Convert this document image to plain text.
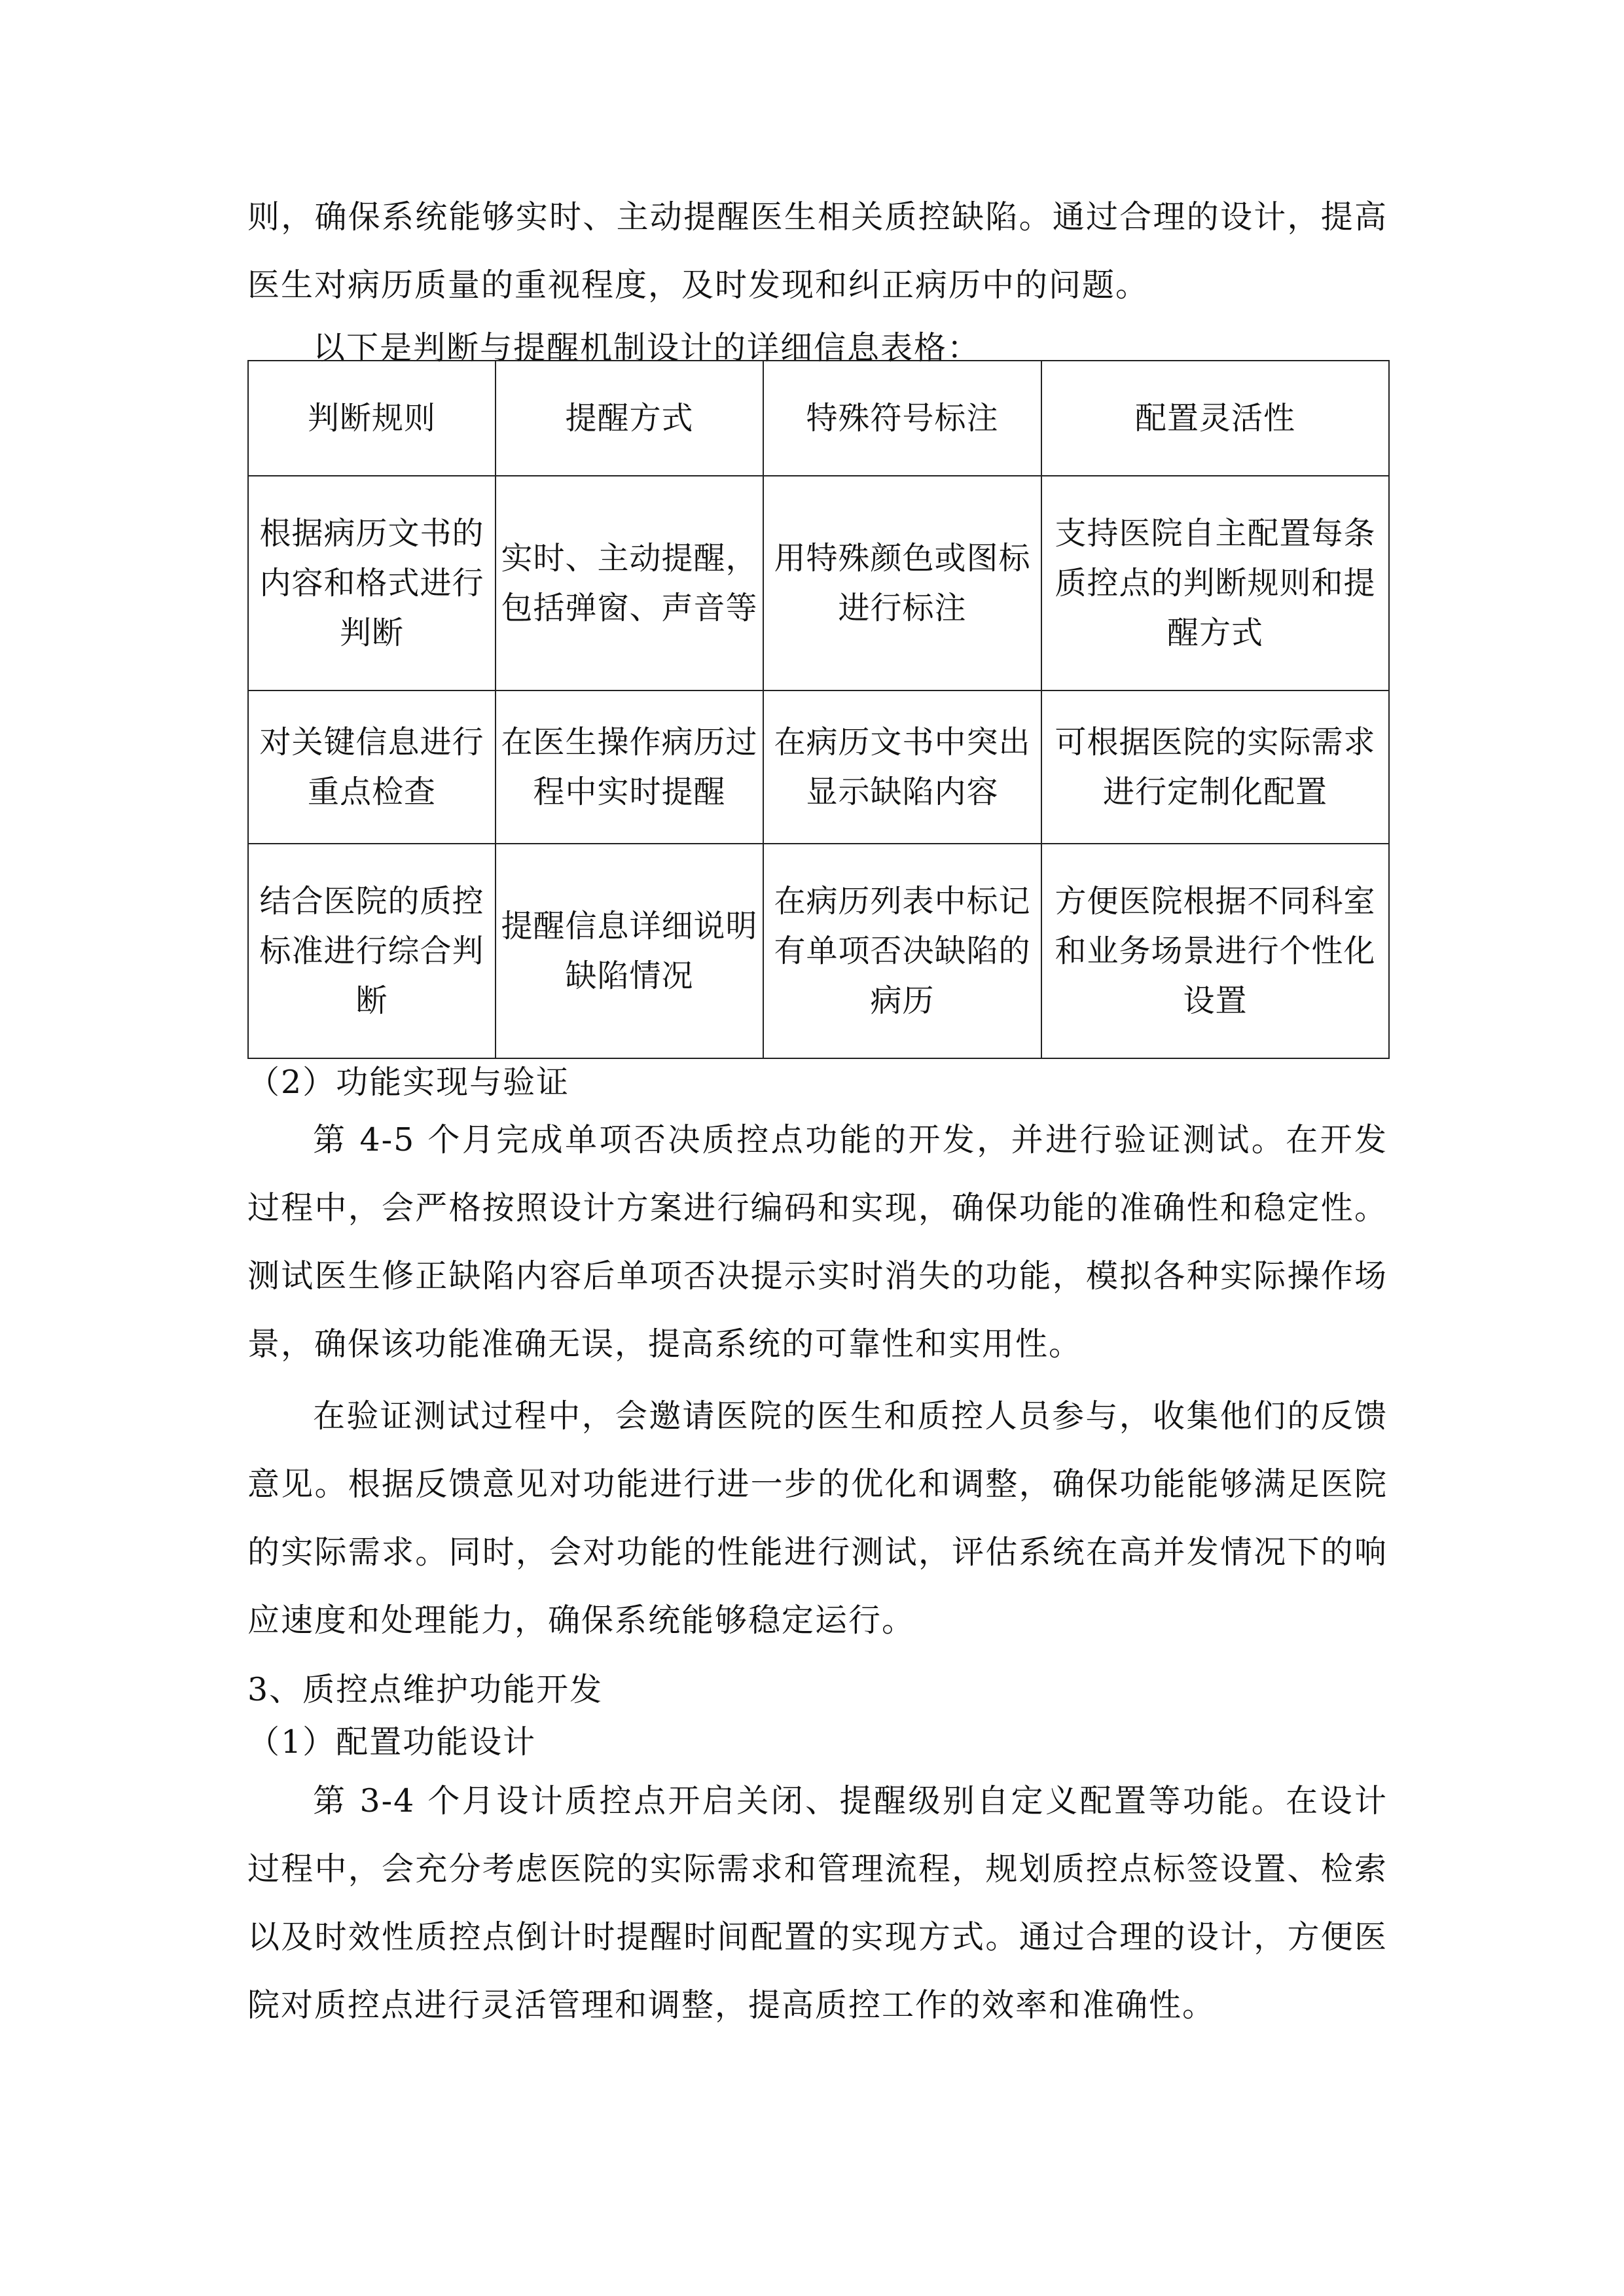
则，确保系统能够实时、主动提醒医生相关质控缺陷。通过合理的设计，提高医生对病历质量的重视程度，及时发现和纠正病历中的问题。

以下是判断与提醒机制设计的详细信息表格：

判断规则	提醒方式	特殊符号标注	配置灵活性
根据病历文书的内容和格式进行判断	实时、主动提醒，包括弹窗、声音等	用特殊颜色或图标进行标注	支持医院自主配置每条质控点的判断规则和提醒方式
对关键信息进行重点检查	在医生操作病历过程中实时提醒	在病历文书中突出显示缺陷内容	可根据医院的实际需求进行定制化配置
结合医院的质控标准进行综合判断	提醒信息详细说明缺陷情况	在病历列表中标记有单项否决缺陷的病历	方便医院根据不同科室和业务场景进行个性化设置

（2）功能实现与验证

第 4-5 个月完成单项否决质控点功能的开发，并进行验证测试。在开发过程中，会严格按照设计方案进行编码和实现，确保功能的准确性和稳定性。测试医生修正缺陷内容后单项否决提示实时消失的功能，模拟各种实际操作场景，确保该功能准确无误，提高系统的可靠性和实用性。

在验证测试过程中，会邀请医院的医生和质控人员参与，收集他们的反馈意见。根据反馈意见对功能进行进一步的优化和调整，确保功能能够满足医院的实际需求。同时，会对功能的性能进行测试，评估系统在高并发情况下的响应速度和处理能力，确保系统能够稳定运行。

3、质控点维护功能开发

（1）配置功能设计

第 3-4 个月设计质控点开启关闭、提醒级别自定义配置等功能。在设计过程中，会充分考虑医院的实际需求和管理流程，规划质控点标签设置、检索以及时效性质控点倒计时提醒时间配置的实现方式。通过合理的设计，方便医院对质控点进行灵活管理和调整，提高质控工作的效率和准确性。
